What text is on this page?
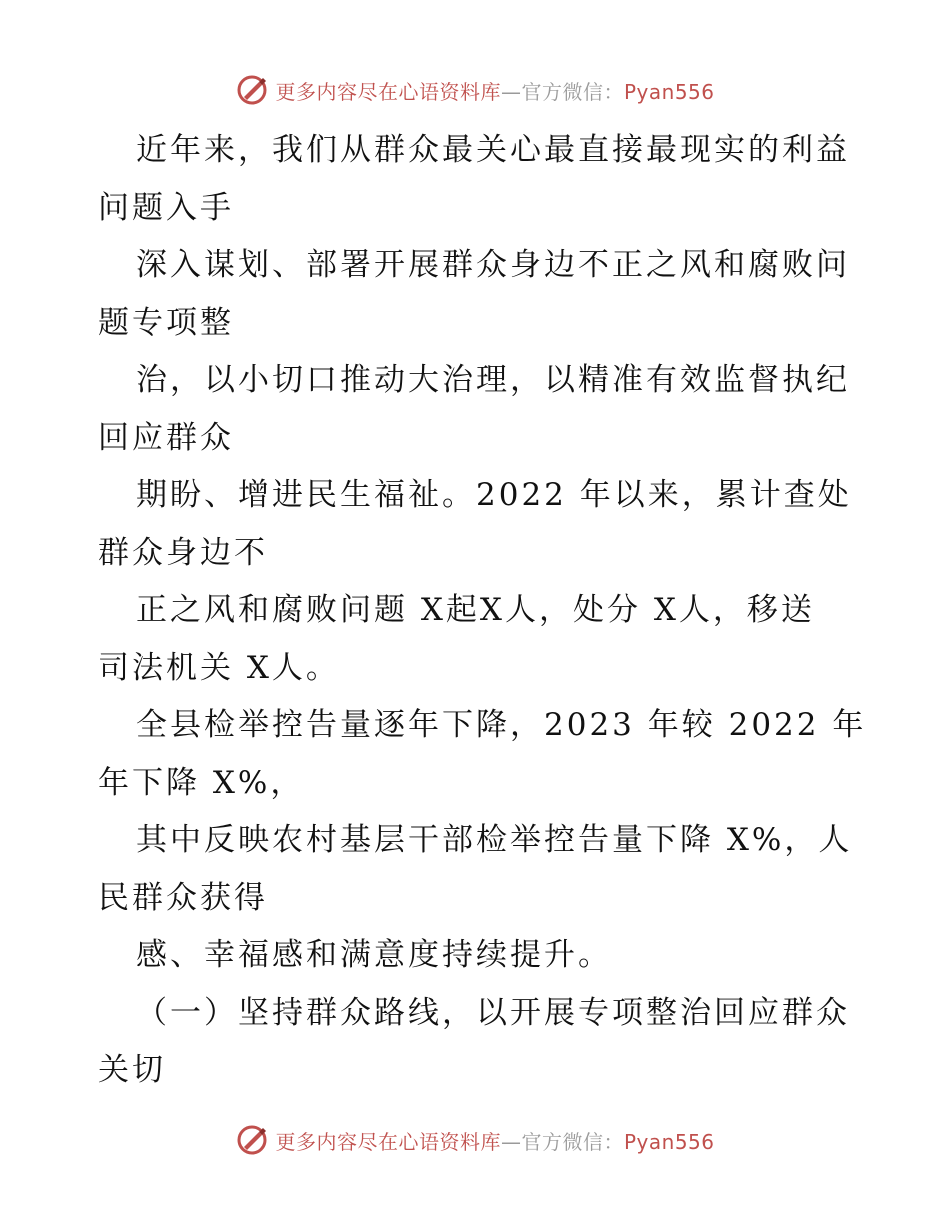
更多内容尽在心语资料库—官方微信：Pyan556
近年来，我们从群众最关心最直接最现实的利益
问题入手
深入谋划、部署开展群众身边不正之风和腐败问
题专项整
治，以小切口推动大治理，以精准有效监督执纪
回应群众
期盼、增进民生福祉。2022 年以来，累计查处
群众身边不
正之风和腐败问题 X起X人，处分 X人，移送
司法机关 X人。
全县检举控告量逐年下降，2023 年较 2022 年
年下降 X%，
其中反映农村基层干部检举控告量下降 X%，人
民群众获得
感、幸福感和满意度持续提升。
（一）坚持群众路线，以开展专项整治回应群众
关切
更多内容尽在心语资料库—官方微信：Pyan556
